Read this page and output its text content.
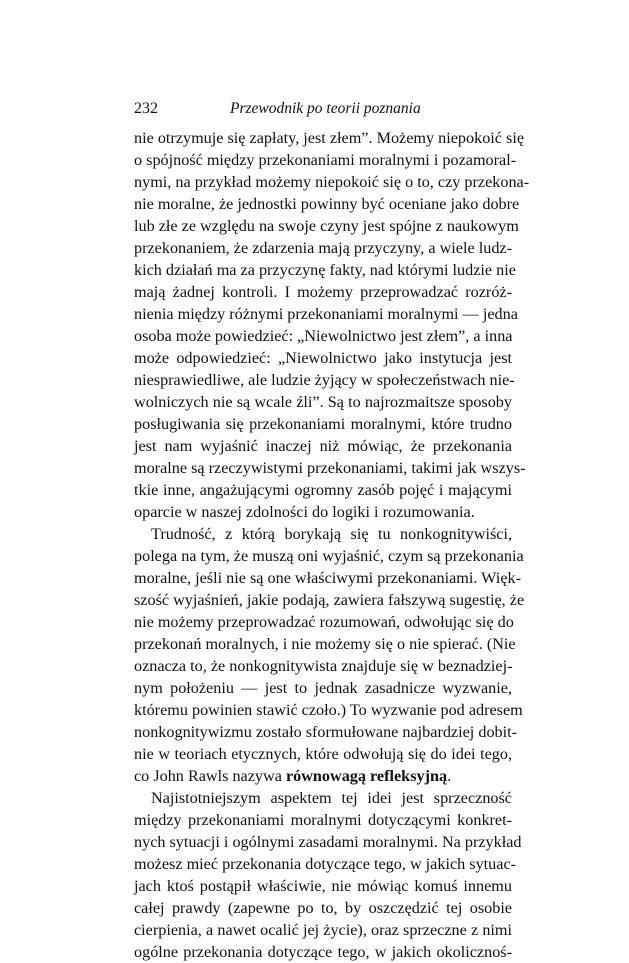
232	Przewodnik po teorii poznania
nie otrzymuje się zapłaty, jest złem”. Możemy niepokoić się
o spójność między przekonaniami moralnymi i pozamoral-
nymi, na przykład możemy niepokoić się o to, czy przekona-
nie moralne, że jednostki powinny być oceniane jako dobre
lub złe ze względu na swoje czyny jest spójne z naukowym
przekonaniem, że zdarzenia mają przyczyny, a wiele ludz-
kich działań ma za przyczynę fakty, nad którymi ludzie nie
mają żadnej kontroli. I możemy przeprowadzać rozróż-
nienia między różnymi przekonaniami moralnymi — jedna
osoba może powiedzieć: „Niewolnictwo jest złem”, a inna
może odpowiedzieć: „Niewolnictwo jako instytucja jest
niesprawiedliwe, ale ludzie żyjący w społeczeństwach nie-
wolniczych nie są wcale źli”. Są to najrozmaitsze sposoby
posługiwania się przekonaniami moralnymi, które trudno
jest nam wyjaśnić inaczej niż mówiąc, że przekonania
moralne są rzeczywistymi przekonaniami, takimi jak wszys-
tkie inne, angażującymi ogromny zasób pojęć i mającymi
oparcie w naszej zdolności do logiki i rozumowania.
Trudność, z którą borykają się tu nonkognitywiści,
polega na tym, że muszą oni wyjaśnić, czym są przekonania
moralne, jeśli nie są one właściwymi przekonaniami. Więk-
szość wyjaśnień, jakie podają, zawiera fałszywą sugestię, że
nie możemy przeprowadzać rozumowań, odwołując się do
przekonań moralnych, i nie możemy się o nie spierać. (Nie
oznacza to, że nonkognitywista znajduje się w beznadziej-
nym położeniu — jest to jednak zasadnicze wyzwanie,
któremu powinien stawić czoło.) To wyzwanie pod adresem
nonkognitywizmu zostało sformułowane najbardziej dobit-
nie w teoriach etycznych, które odwołują się do idei tego,
co John Rawls nazywa równowagą refleksyjną.
Najistotniejszym aspektem tej idei jest sprzeczność
między przekonaniami moralnymi dotyczącymi konkret-
nych sytuacji i ogólnymi zasadami moralnymi. Na przykład
możesz mieć przekonania dotyczące tego, w jakich sytuac-
jach ktoś postąpił właściwie, nie mówiąc komuś innemu
całej prawdy (zapewne po to, by oszczędzić tej osobie
cierpienia, a nawet ocalić jej życie), oraz sprzeczne z nimi
ogólne przekonania dotyczące tego, w jakich okolicznoś-
